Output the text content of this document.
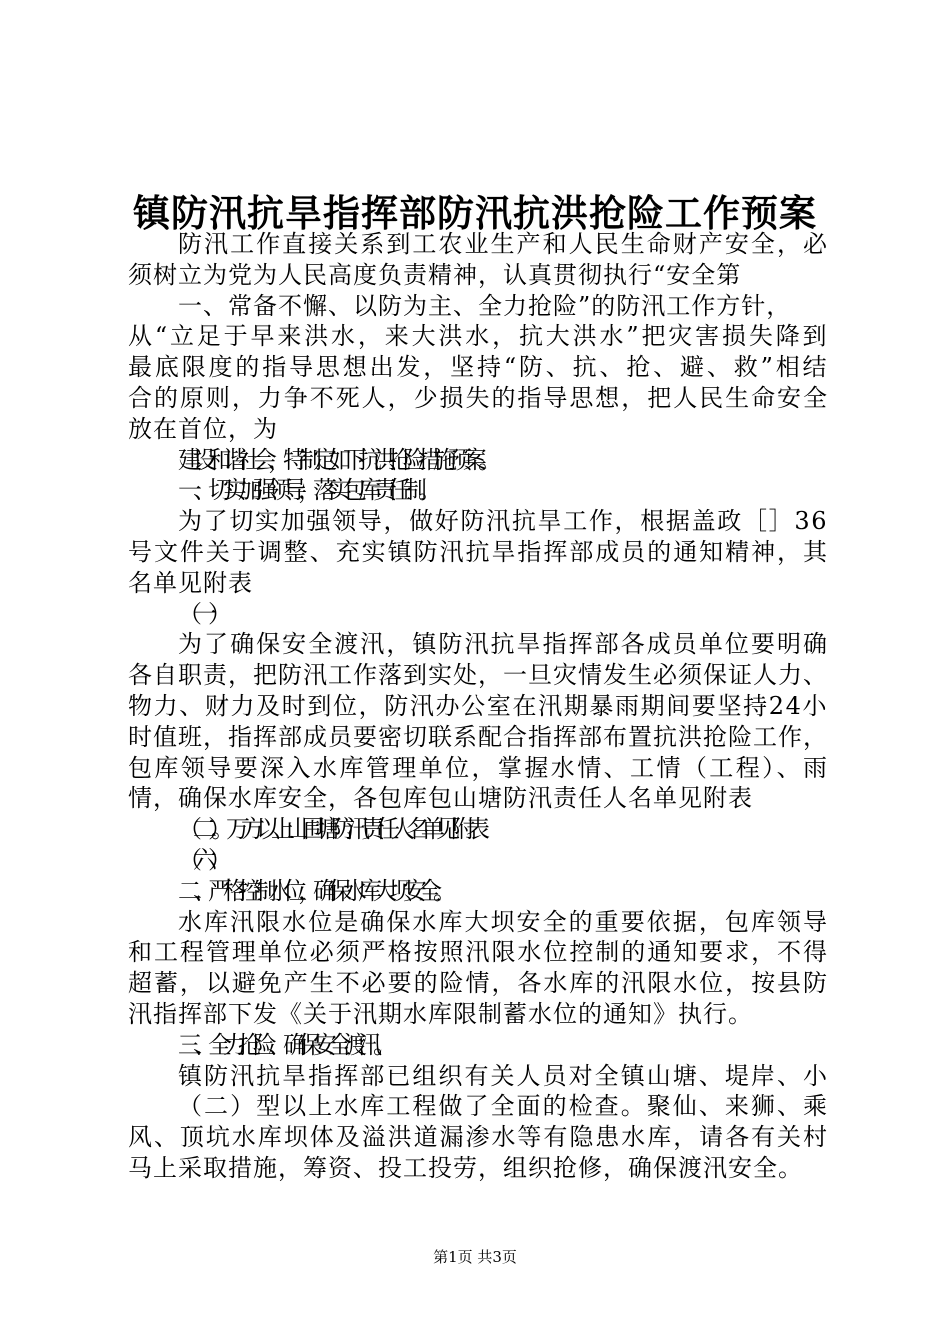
镇防汛抗旱指挥部防汛抗洪抢险工作预案
防汛工作直接关系到工农业生产和人民生命财产安全，必
须树立为党为人民高度负责精神，认真贯彻执行“安全第
一、常备不懈、以防为主、全力抢险”的防汛工作方针，
从“立足于早来洪水，来大洪水，抗大洪水”把灾害损失降到
最底限度的指导思想出发，坚持“防、抗、抢、避、救”相结
合的原则，力争不死人，少损失的指导思想，把人民生命安全
放在首位，为
建设和谐社会，特制定如下抗洪抢险措施预案。
一、切实加强领导，落实包库责任制。
为了切实加强领导，做好防汛抗旱工作，根据盖政［］36
号文件关于调整、充实镇防汛抗旱指挥部成员的通知精神，其
名单见附表
（一）
为了确保安全渡汛，镇防汛抗旱指挥部各成员单位要明确
各自职责，把防汛工作落到实处，一旦灾情发生必须保证人力、
物力、财力及时到位，防汛办公室在汛期暴雨期间要坚持24小
时值班，指挥部成员要密切联系配合指挥部布置抗洪抢险工作，
包库领导要深入水库管理单位，掌握水情、工情（工程）、雨
情，确保水库安全，各包库包山塘防汛责任人名单见附表
（二）。万方以上山围塘防汛责任人名单见附表
（六）
二、严格控制水位，确保水库大坝安全。
水库汛限水位是确保水库大坝安全的重要依据，包库领导
和工程管理单位必须严格按照汛限水位控制的通知要求，不得
超蓄，以避免产生不必要的险情，各水库的汛限水位，按县防
汛指挥部下发《关于汛期水库限制蓄水位的通知》执行。
三、全力抢险、确保安全渡汛。
镇防汛抗旱指挥部已组织有关人员对全镇山塘、堤岸、小
（二）型以上水库工程做了全面的检查。聚仙、来狮、乘
风、顶坑水库坝体及溢洪道漏渗水等有隐患水库，请各有关村
马上采取措施，筹资、投工投劳，组织抢修，确保渡汛安全。
第1页 共3页
